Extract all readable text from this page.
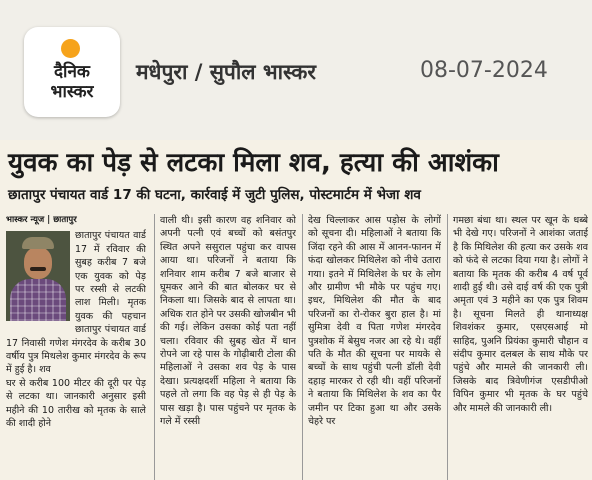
दैनिक
भास्कर
मधेपुरा / सुपौल भास्कर	08-07-2024
युवक का पेड़ से लटका मिला शव, हत्या की आशंका
छातापुर पंचायत वार्ड 17 की घटना, कार्रवाई में जुटी पुलिस, पोस्टमार्टम में भेजा शव
भास्कर न्यूज | छातापुर

छातापुर पंचायत वार्ड 17 में रविवार की सुबह करीब 7 बजे एक युवक को पेड़ पर रस्सी से लटकी लाश मिली। मृतक युवक की पहचान छातापुर पंचायत वार्ड 17 निवासी गणेश मंगरदेव के करीब 30 वर्षीय पुत्र मिथलेश कुमार मंगरदेव के रूप में हुई है। शव

घर से करीब 100 मीटर की दूरी पर पेड़ से लटका था। जानकारी अनुसार इसी महीने की 10 तारीख को मृतक के साले की शादी होने

वाली थी। इसी कारण वह शनिवार को अपनी पत्नी एवं बच्चों को बसंतपुर स्थित अपने ससुराल पहुंचा कर वापस आया था। परिजनों ने बताया कि शनिवार शाम करीब 7 बजे बाजार से घूमकर आने की बात बोलकर घर से निकला था। जिसके बाद से लापता था। अधिक रात होने पर उसकी खोजबीन भी की गई। लेकिन उसका कोई पता नहीं चला। रविवार की सुबह खेत में धान रोपने जा रहे पास के गोढ़ीबारी टोला की महिलाओं ने उसका शव पेड़ के पास देखा। प्रत्यक्षदर्शी महिला ने बताया कि पहले तो लगा कि वह पेड़ से ही पेड़ के पास खड़ा है। पास पहुंचने पर मृतक के गले में रस्सी

देख चिल्लाकर आस पड़ोस के लोगों को सूचना दी। महिलाओं ने बताया कि जिंदा रहने की आस में आनन-फानन में फंदा खोलकर मिथिलेश को नीचे उतारा गया। इतने में मिथिलेश के घर के लोग और ग्रामीण भी मौके पर पहुंच गए। इधर, मिथिलेश की मौत के बाद परिजनों का रो-रोकर बुरा हाल है। मां सुमित्रा देवी व पिता गणेश मंगरदेव पुत्रशोक में बेसुध नजर आ रहे थे। वहीं पति के मौत की सूचना पर मायके से बच्चों के साथ पहुंची पत्नी डॉली देवी दहाड़ मारकर रो रही थी। वहीं परिजनों ने बताया कि मिथिलेश के शव का पैर जमीन पर टिका हुआ था और उसके चेहरे पर

गमछा बंधा था। स्थल पर खून के धब्बे भी देखे गए। परिजनों ने आशंका जताई है कि मिथिलेश की हत्या कर उसके शव को फंदे से लटका दिया गया है। लोगों ने बताया कि मृतक की करीब 4 वर्ष पूर्व शादी हुई थी। उसे दाई वर्ष की एक पुत्री अमृता एवं 3 महीने का एक पुत्र शिवम है। सूचना मिलते ही थानाध्यक्ष शिवशंकर कुमार, एसएसआई मो साहिद, पुअनि प्रियंका कुमारी चौहान व संदीप कुमार दलबल के साथ मौके पर पहुंचे और मामले की जानकारी ली। जिसके बाद त्रिवेणीगंज एसडीपीओ विपिन कुमार भी मृतक के घर पहुंचे और मामले की जानकारी ली।
